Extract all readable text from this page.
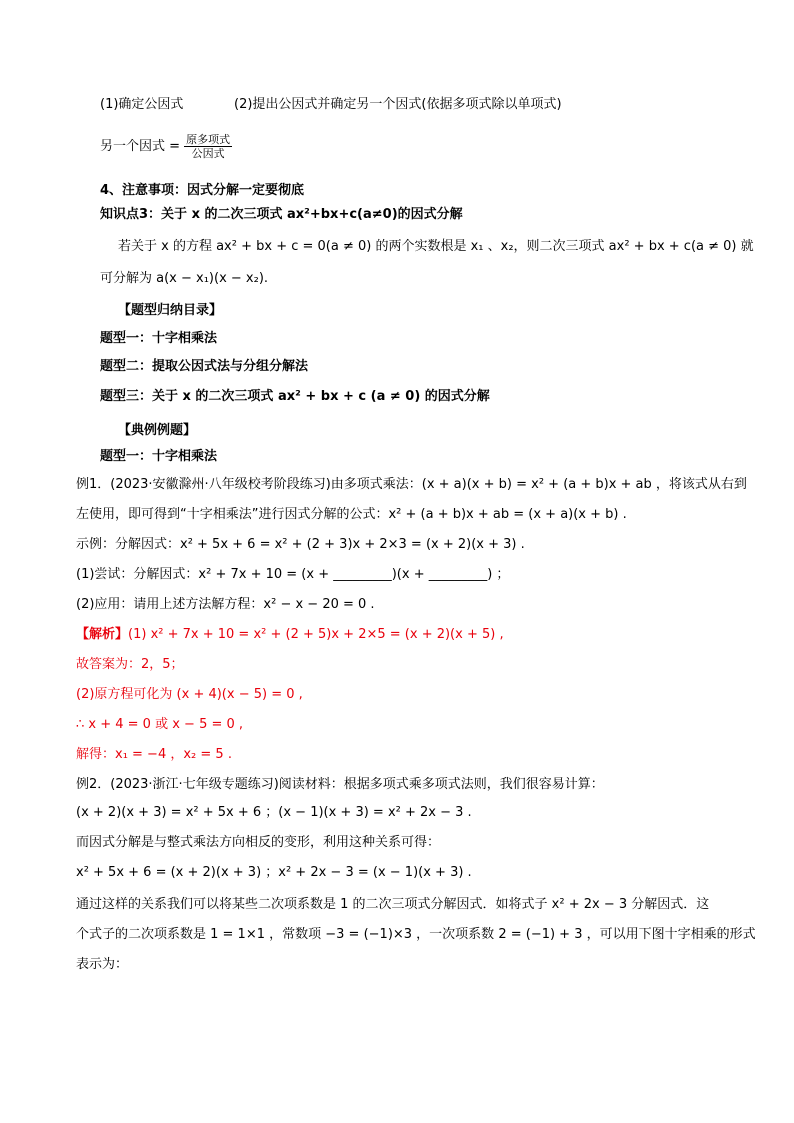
(1)确定公因式	(2)提出公因式并确定另一个因式(依据多项式除以单项式)
另一个因式 = $\frac{\text{原多项式}}{\text{公因式}}$
4、注意事项：因式分解一定要彻底
知识点3：关于 x 的二次三项式 ax²+bx+c(a≠0)的因式分解
若关于 x 的方程 ax² + bx + c = 0(a ≠ 0) 的两个实数根是 x₁ 、x₂，则二次三项式 ax² + bx + c(a ≠ 0) 就
可分解为 a(x − x₁)(x − x₂).
【题型归纳目录】
题型一：十字相乘法
题型二：提取公因式法与分组分解法
题型三：关于 x 的二次三项式 ax² + bx + c (a ≠ 0) 的因式分解
【典例例题】
题型一：十字相乘法
例1．(2023·安徽滁州·八年级校考阶段练习)由多项式乘法：(x + a)(x + b) = x² + (a + b)x + ab ，将该式从右到
左使用，即可得到“十字相乘法”进行因式分解的公式：x² + (a + b)x + ab = (x + a)(x + b) .
示例：分解因式：x² + 5x + 6 = x² + (2 + 3)x + 2×3 = (x + 2)(x + 3) .
(1)尝试：分解因式：x² + 7x + 10 = (x + _________)(x + _________) ；
(2)应用：请用上述方法解方程：x² − x − 20 = 0 .
【解析】(1) x² + 7x + 10 = x² + (2 + 5)x + 2×5 = (x + 2)(x + 5) ,
故答案为：2，5；
(2)原方程可化为 (x + 4)(x − 5) = 0 ,
∴ x + 4 = 0 或 x − 5 = 0 ,
解得：x₁ = −4 ，x₂ = 5 .
例2．(2023·浙江·七年级专题练习)阅读材料：根据多项式乘多项式法则，我们很容易计算：
(x + 2)(x + 3) = x² + 5x + 6 ；(x − 1)(x + 3) = x² + 2x − 3 .
而因式分解是与整式乘法方向相反的变形，利用这种关系可得：
x² + 5x + 6 = (x + 2)(x + 3) ；x² + 2x − 3 = (x − 1)(x + 3) .
通过这样的关系我们可以将某些二次项系数是 1 的二次三项式分解因式．如将式子 x² + 2x − 3 分解因式．这
个式子的二次项系数是 1 = 1×1 ，常数项 −3 = (−1)×3 ，一次项系数 2 = (−1) + 3 ，可以用下图十字相乘的形式
表示为：
